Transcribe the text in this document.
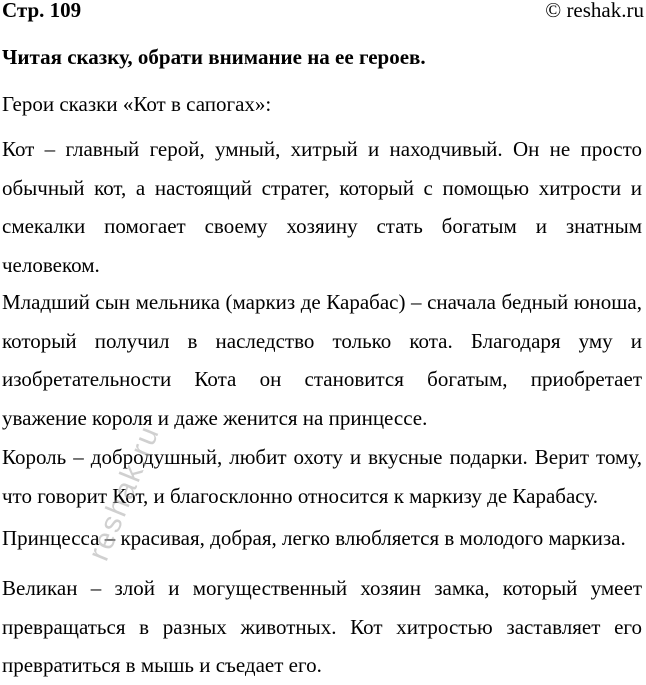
Стр. 109	© reshak.ru
Читая сказку, обрати внимание на ее героев.
Герои сказки «Кот в сапогах»:

Кот – главный герой, умный, хитрый и находчивый. Он не просто обычный кот, а настоящий стратег, который с помощью хитрости и смекалки помогает своему хозяину стать богатым и знатным человеком.

Младший сын мельника (маркиз де Карабас) – сначала бедный юноша, который получил в наследство только кота. Благодаря уму и изобретательности Кота он становится богатым, приобретает уважение короля и даже женится на принцессе.

Король – добродушный, любит охоту и вкусные подарки. Верит тому, что говорит Кот, и благосклонно относится к маркизу де Карабасу.

Принцесса – красивая, добрая, легко влюбляется в молодого маркиза.

Великан – злой и могущественный хозяин замка, который умеет превращаться в разных животных. Кот хитростью заставляет его превратиться в мышь и съедает его.

reshak.ru
